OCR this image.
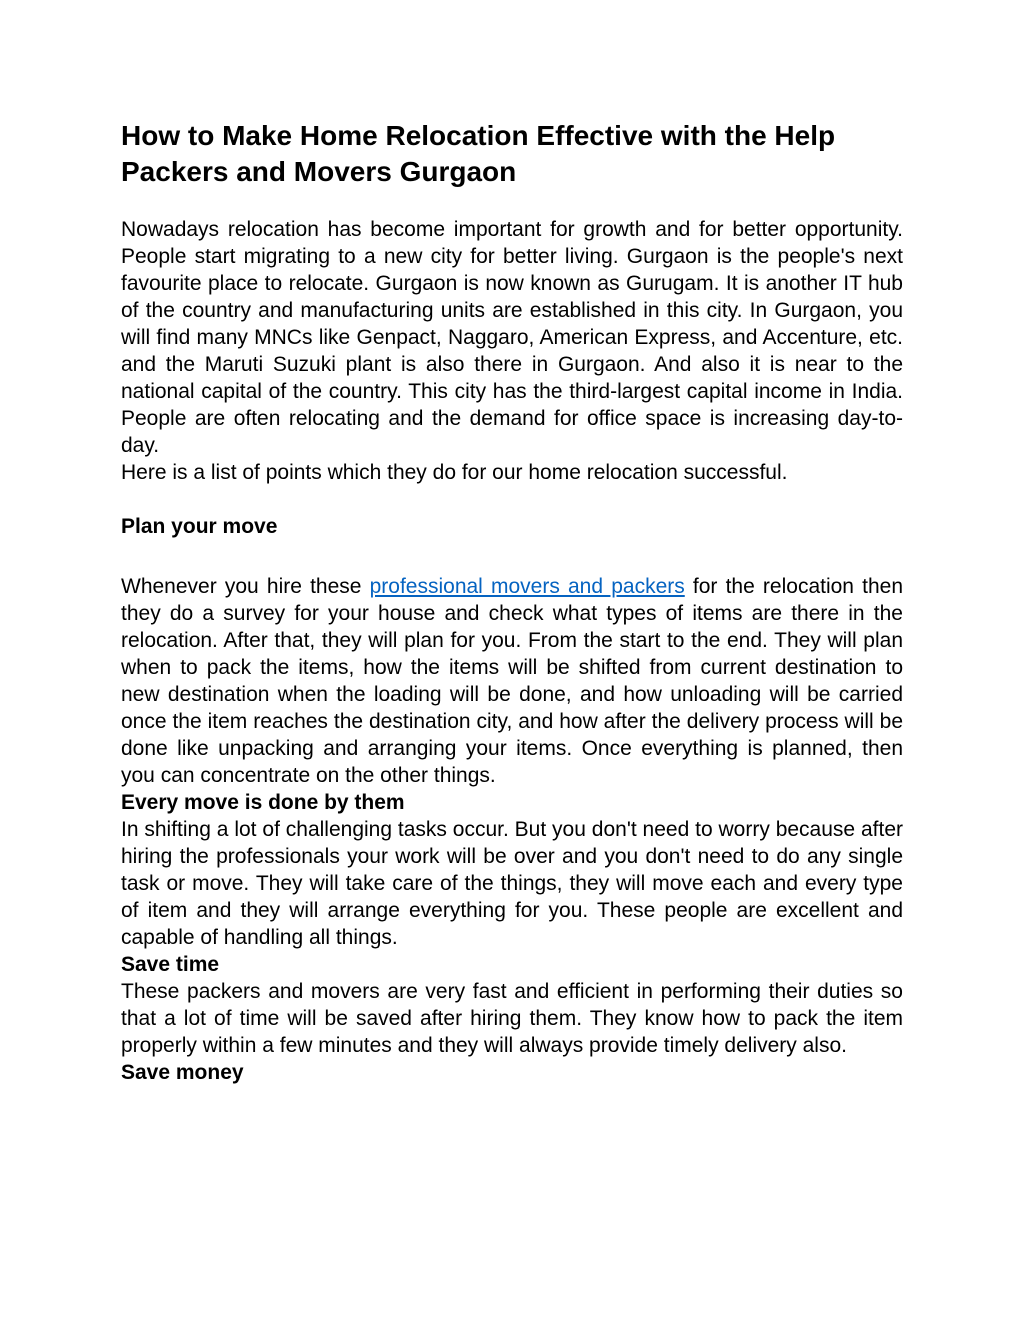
How to Make Home Relocation Effective with the Help Packers and Movers Gurgaon

Nowadays relocation has become important for growth and for better opportunity. People start migrating to a new city for better living. Gurgaon is the people's next favourite place to relocate. Gurgaon is now known as Gurugam. It is another IT hub of the country and manufacturing units are established in this city. In Gurgaon, you will find many MNCs like Genpact, Naggaro, American Express, and Accenture, etc. and the Maruti Suzuki plant is also there in Gurgaon. And also it is near to the national capital of the country. This city has the third-largest capital income in India. People are often relocating and the demand for office space is increasing day-to-day.

Here is a list of points which they do for our home relocation successful.

Plan your move

Whenever you hire these professional movers and packers for the relocation then they do a survey for your house and check what types of items are there in the relocation. After that, they will plan for you. From the start to the end. They will plan when to pack the items, how the items will be shifted from current destination to new destination when the loading will be done, and how unloading will be carried once the item reaches the destination city, and how after the delivery process will be done like unpacking and arranging your items. Once everything is planned, then you can concentrate on the other things.

Every move is done by them

In shifting a lot of challenging tasks occur. But you don't need to worry because after hiring the professionals your work will be over and you don't need to do any single task or move. They will take care of the things, they will move each and every type of item and they will arrange everything for you. These people are excellent and capable of handling all things.

Save time

These packers and movers are very fast and efficient in performing their duties so that a lot of time will be saved after hiring them. They know how to pack the item properly within a few minutes and they will always provide timely delivery also.

Save money
